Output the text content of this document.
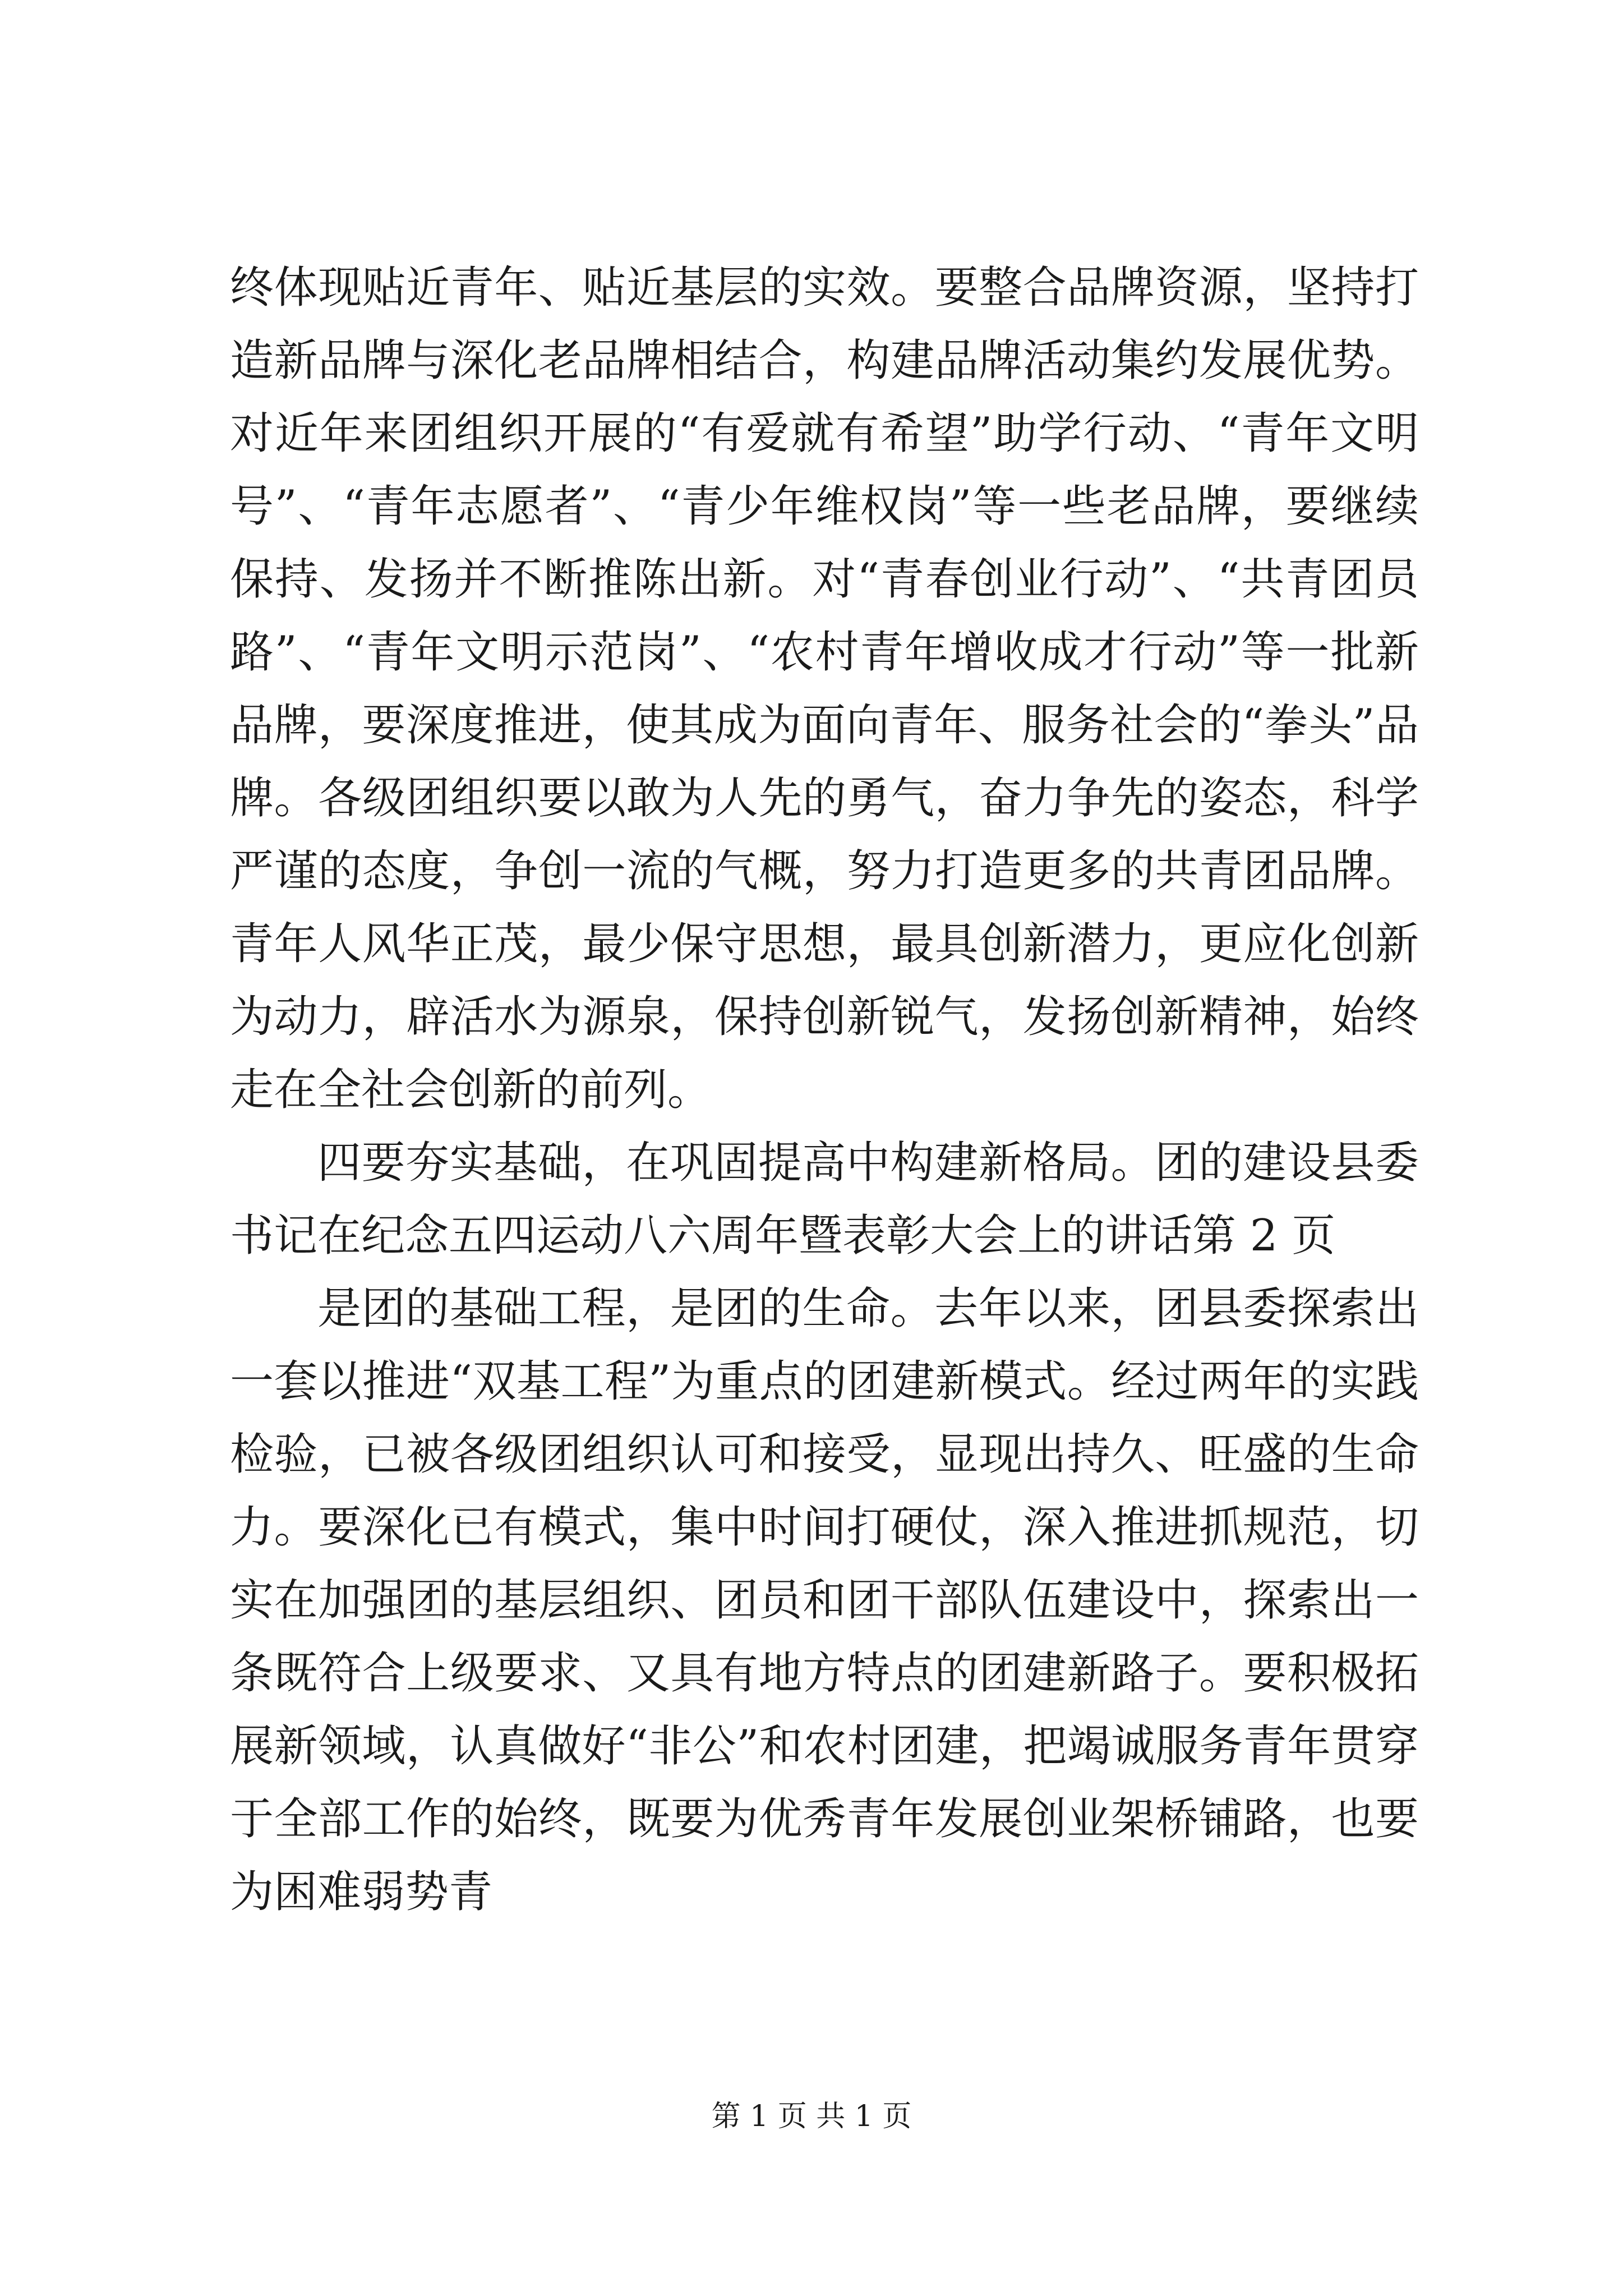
终体现贴近青年、贴近基层的实效。要整合品牌资源，坚持打造新品牌与深化老品牌相结合，构建品牌活动集约发展优势。对近年来团组织开展的“有爱就有希望”助学行动、“青年文明号”、“青年志愿者”、“青少年维权岗”等一些老品牌，要继续保持、发扬并不断推陈出新。对“青春创业行动”、“共青团员路”、“青年文明示范岗”、“农村青年增收成才行动”等一批新品牌，要深度推进，使其成为面向青年、服务社会的“拳头”品牌。各级团组织要以敢为人先的勇气，奋力争先的姿态，科学严谨的态度，争创一流的气概，努力打造更多的共青团品牌。青年人风华正茂，最少保守思想，最具创新潜力，更应化创新为动力，辟活水为源泉，保持创新锐气，发扬创新精神，始终走在全社会创新的前列。

四要夯实基础，在巩固提高中构建新格局。团的建设县委书记在纪念五四运动八六周年暨表彰大会上的讲话第 2 页

是团的基础工程，是团的生命。去年以来，团县委探索出一套以推进“双基工程”为重点的团建新模式。经过两年的实践检验，已被各级团组织认可和接受，显现出持久、旺盛的生命力。要深化已有模式，集中时间打硬仗，深入推进抓规范，切实在加强团的基层组织、团员和团干部队伍建设中，探索出一条既符合上级要求、又具有地方特点的团建新路子。要积极拓展新领域，认真做好“非公”和农村团建，把竭诚服务青年贯穿于全部工作的始终，既要为优秀青年发展创业架桥铺路，也要为困难弱势青

第 1 页 共 1 页
